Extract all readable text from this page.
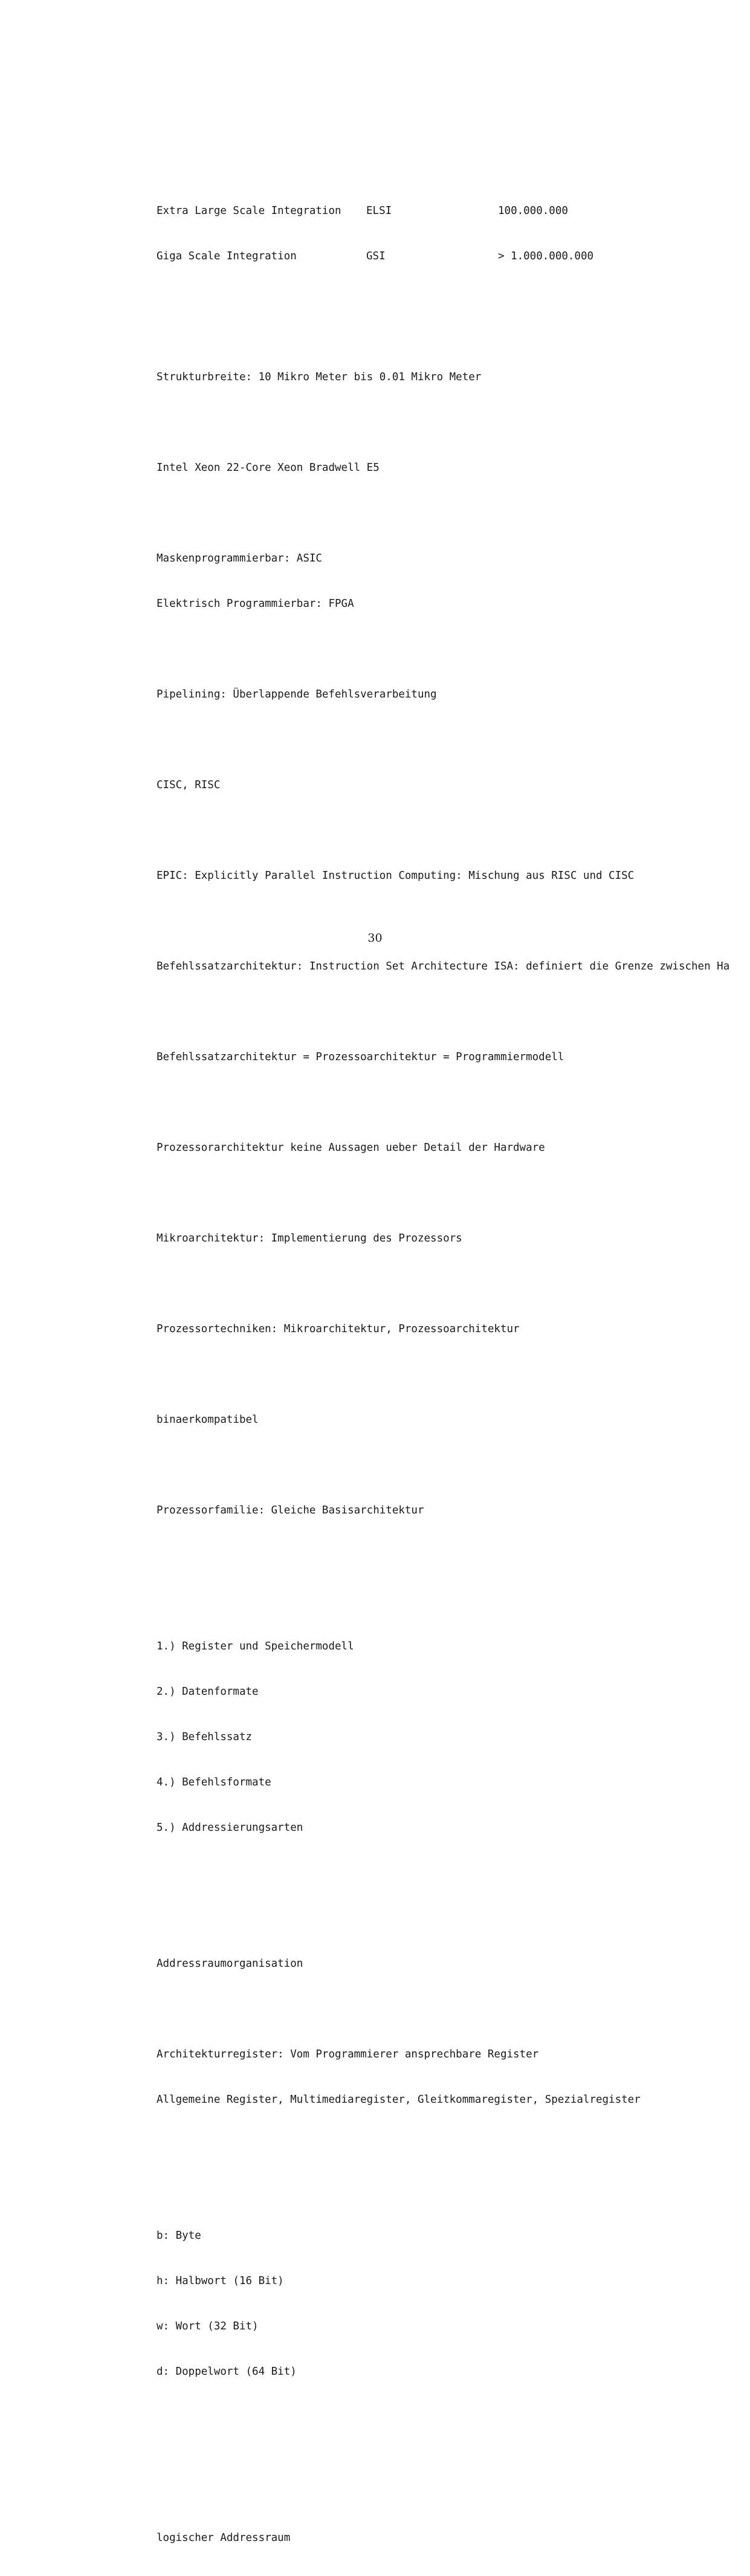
Extra Large Scale Integration	ELSI	100.000.000

Giga Scale Integration	GSI	> 1.000.000.000

Strukturbreite: 10 Mikro Meter bis 0.01 Mikro Meter

Intel Xeon 22-Core Xeon Bradwell E5

Maskenprogrammierbar: ASIC

Elektrisch Programmierbar: FPGA

Pipelining: Überlappende Befehlsverarbeitung

CISC, RISC

EPIC: Explicitly Parallel Instruction Computing: Mischung aus RISC und CISC

Befehlssatzarchitektur: Instruction Set Architecture ISA: definiert die Grenze zwischen Ha

Befehlssatzarchitektur = Prozessoarchitektur = Programmiermodell

Prozessorarchitektur keine Aussagen ueber Detail der Hardware

Mikroarchitektur: Implementierung des Prozessors

Prozessortechniken: Mikroarchitektur, Prozessoarchitektur

binaerkompatibel

Prozessorfamilie: Gleiche Basisarchitektur

1.) Register und Speichermodell

2.) Datenformate

3.) Befehlssatz

4.) Befehlsformate

5.) Addressierungsarten

Addressraumorganisation

Architekturregister: Vom Programmierer ansprechbare Register

Allgemeine Register, Multimediaregister, Gleitkommaregister, Spezialregister

b: Byte

h: Halbwort (16 Bit)

w: Wort (32 Bit)

d: Doppelwort (64 Bit)

logischer Addressraum

30
